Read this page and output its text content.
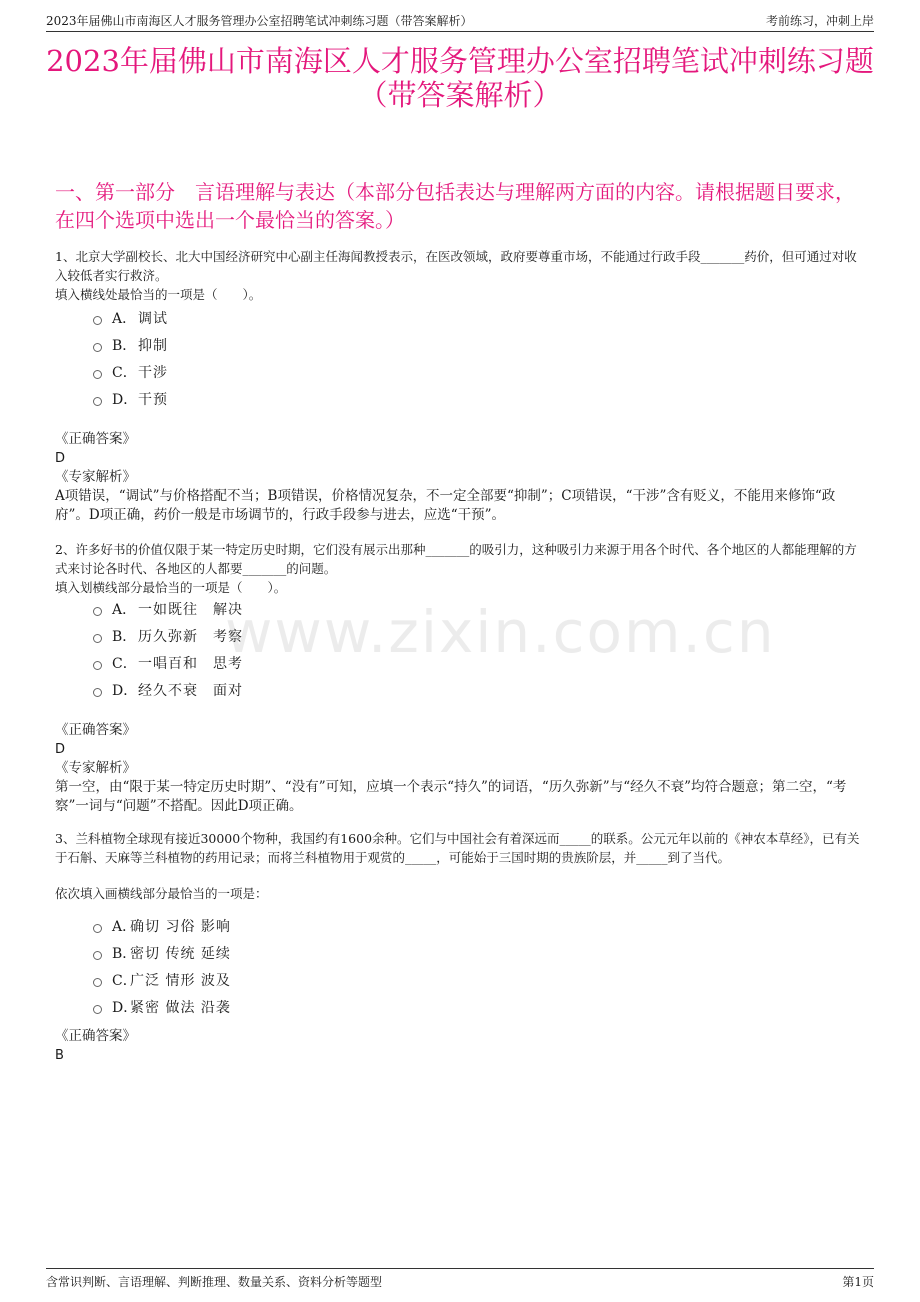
2023年届佛山市南海区人才服务管理办公室招聘笔试冲刺练习题（带答案解析）	考前练习，冲刺上岸
2023年届佛山市南海区人才服务管理办公室招聘笔试冲刺练习题（带答案解析）
一、第一部分　言语理解与表达（本部分包括表达与理解两方面的内容。请根据题目要求，在四个选项中选出一个最恰当的答案。）

1、北京大学副校长、北大中国经济研究中心副主任海闻教授表示，在医改领域，政府要尊重市场，不能通过行政手段_______药价，但可通过对收入较低者实行救济。

填入横线处最恰当的一项是（　　）。

A． 调试
B． 抑制
C． 干涉
D． 干预
《正确答案》
D
《专家解析》
A项错误，“调试”与价格搭配不当；B项错误，价格情况复杂，不一定全部要“抑制”；C项错误，“干涉”含有贬义，不能用来修饰“政府”。D项正确，药价一般是市场调节的，行政手段参与进去，应选“干预”。

2、许多好书的价值仅限于某一特定历史时期，它们没有展示出那种_______的吸引力，这种吸引力来源于用各个时代、各个地区的人都能理解的方式来讨论各时代、各地区的人都要_______的问题。

填入划横线部分最恰当的一项是（　　）。

A． 一如既往　解决
B． 历久弥新　考察
C． 一唱百和　思考
D． 经久不衰　面对
《正确答案》
D
《专家解析》
第一空，由“限于某一特定历史时期”、“没有”可知，应填一个表示“持久”的词语，“历久弥新”与“经久不衰”均符合题意；第二空，“考察”一词与“问题”不搭配。因此D项正确。

3、兰科植物全球现有接近30000个物种，我国约有1600余种。它们与中国社会有着深远而_____的联系。公元元年以前的《神农本草经》，已有关于石斛、天麻等兰科植物的药用记录；而将兰科植物用于观赏的_____，可能始于三国时期的贵族阶层，并_____到了当代。

依次填入画横线部分最恰当的一项是：

A．
确切 习俗 影响
B．
密切 传统 延续
C．
广泛 情形 波及
D．
紧密 做法 沿袭
《正确答案》
B
www.zixin.com.cn
含常识判断、言语理解、判断推理、数量关系、资料分析等题型	第1页
